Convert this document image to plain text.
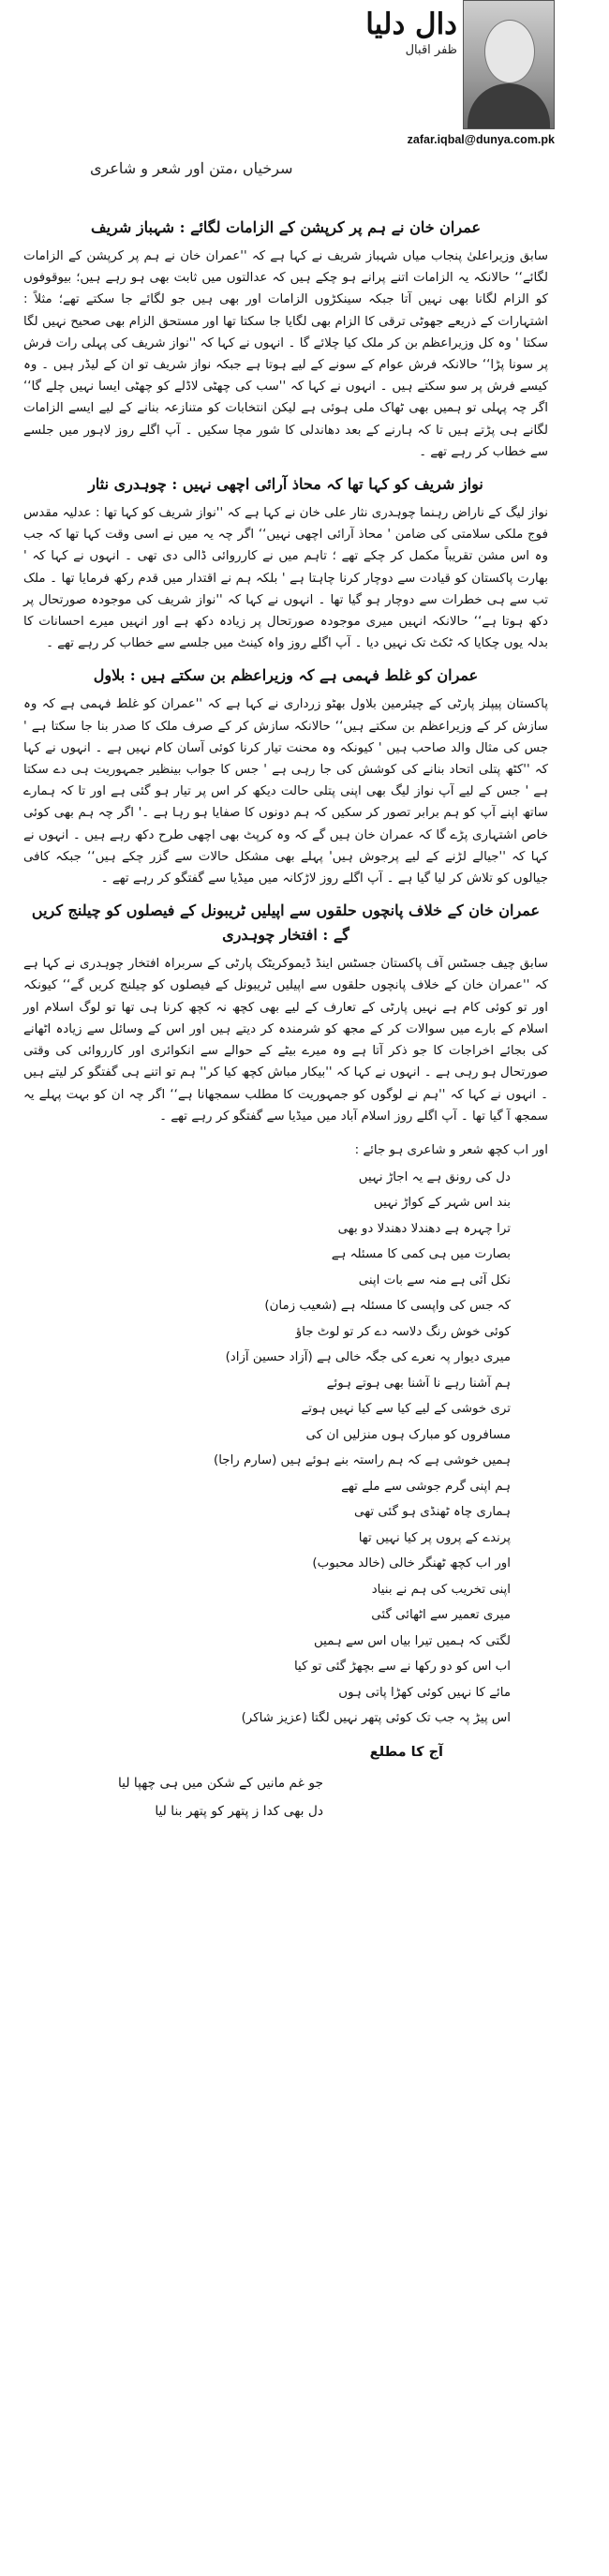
دال دلیا
ظفر اقبال
zafar.iqbal@dunya.com.pk
سرخیاں ،متن اور شعر و شاعری
عمران خان نے ہم پر کرپشن کے الزامات لگائے : شہباز شریف

سابق وزیراعلیٰ پنجاب میاں شہباز شریف نے کہا ہے کہ ''عمران خان نے ہم پر کرپشن کے الزامات لگائے‘‘ حالانکہ یہ الزامات اتنے پرانے ہو چکے ہیں کہ عدالتوں میں ثابت بھی ہو رہے ہیں؛ بیوقوفوں کو الزام لگانا بھی نہیں آتا جبکہ سینکڑوں الزامات اور بھی ہیں جو لگائے جا سکتے تھے؛ مثلاً : اشتہارات کے ذریعے جھوٹی ترقی کا الزام بھی لگایا جا سکتا تھا اور مستحق الزام بھی صحیح نہیں لگا سکتا ' وہ کل وزیراعظم بن کر ملک کیا چلائے گا ۔ انہوں نے کہا کہ ''نواز شریف کی پہلی رات فرش پر سونا پڑا‘‘ حالانکہ فرش عوام کے سونے کے لیے ہوتا ہے جبکہ نواز شریف تو ان کے لیڈر ہیں ۔ وہ کیسے فرش پر سو سکتے ہیں ۔ انہوں نے کہا کہ ''سب کی چھٹی لاڈلے کو چھٹی ایسا نہیں چلے گا‘‘ اگر چہ پہلی تو ہمیں بھی ٹھاک ملی ہوئی ہے لیکن انتخابات کو متنازعہ بنانے کے لیے ایسے الزامات لگانے ہی پڑتے ہیں تا کہ ہارنے کے بعد دھاندلی کا شور مچا سکیں ۔ آپ اگلے روز لاہور میں جلسے سے خطاب کر رہے تھے ۔

نواز شریف کو کہا تھا کہ محاذ آرائی اچھی نہیں : چوہدری نثار

نواز لیگ کے ناراض رہنما چوہدری نثار علی خان نے کہا ہے کہ ''نواز شریف کو کہا تھا : عدلیہ مقدس فوج ملکی سلامتی کی ضامن ' محاذ آرائی اچھی نہیں‘‘ اگر چہ یہ میں نے اسی وقت کہا تھا کہ جب وہ اس مشن تقریباً مکمل کر چکے تھے ؛ تاہم میں نے کارروائی ڈالی دی تھی ۔ انہوں نے کہا کہ ' بھارت پاکستان کو قیادت سے دوچار کرنا چاہتا ہے ' بلکہ ہم نے اقتدار میں قدم رکھ فرمایا تھا ۔ ملک تب سے ہی خطرات سے دوچار ہو گیا تھا ۔ انہوں نے کہا کہ ''نواز شریف کی موجودہ صورتحال پر دکھ ہوتا ہے‘‘ حالانکہ انہیں میری موجودہ صورتحال پر زیادہ دکھ ہے اور انہیں میرے احسانات کا بدلہ یوں چکایا کہ ٹکٹ تک نہیں دیا ۔ آپ اگلے روز واہ کینٹ میں جلسے سے خطاب کر رہے تھے ۔

عمران کو غلط فہمی ہے کہ وزیراعظم بن سکتے ہیں : بلاول

پاکستان پیپلز پارٹی کے چیئرمین بلاول بھٹو زرداری نے کہا ہے کہ ''عمران کو غلط فہمی ہے کہ وہ سازش کر کے وزیراعظم بن سکتے ہیں‘‘ حالانکہ سازش کر کے صرف ملک کا صدر بنا جا سکتا ہے ' جس کی مثال والد صاحب ہیں ' کیونکہ وہ محنت تیار کرنا کوئی آسان کام نہیں ہے ۔ انہوں نے کہا کہ ''کٹھ پتلی اتحاد بنانے کی کوشش کی جا رہی ہے ' جس کا جواب بینظیر جمہوریت ہی دے سکتا ہے ' جس کے لیے آپ نواز لیگ بھی اپنی پتلی حالت دیکھ کر اس پر تیار ہو گئی ہے اور تا کہ ہمارے ساتھ اپنے آپ کو ہم برابر تصور کر سکیں کہ ہم دونوں کا صفایا ہو رہا ہے ۔' اگر چہ ہم بھی کوئی خاص اشتہاری پڑے گا کہ عمران خان ہیں گے کہ وہ کرپٹ بھی اچھی طرح دکھ رہے ہیں ۔ انہوں نے کہا کہ ''جیالے لڑنے کے لیے پرجوش ہیں' پہلے بھی مشکل حالات سے گزر چکے ہیں‘‘ جبکہ کافی جیالوں کو تلاش کر لیا گیا ہے ۔ آپ اگلے روز لاڑکانہ میں میڈیا سے گفتگو کر رہے تھے ۔

عمران خان کے خلاف پانچوں حلقوں سے اپیلیں ٹریبونل کے فیصلوں کو چیلنج کریں گے : افتخار چوہدری

سابق چیف جسٹس آف پاکستان جسٹس اینڈ ڈیموکریٹک پارٹی کے سربراہ افتخار چوہدری نے کہا ہے کہ ''عمران خان کے خلاف پانچوں حلقوں سے اپیلیں ٹریبونل کے فیصلوں کو چیلنج کریں گے‘‘ کیونکہ اور تو کوئی کام ہے نہیں پارٹی کے تعارف کے لیے بھی کچھ نہ کچھ کرنا ہی تھا تو لوگ اسلام اور اسلام کے بارے میں سوالات کر کے مجھ کو شرمندہ کر دیتے ہیں اور اس کے وسائل سے زیادہ اٹھانے کی بجائے اخراجات کا جو ذکر آتا ہے وہ میرے بیٹے کے حوالے سے انکوائری اور کارروائی کی وقتی صورتحال ہو رہی ہے ۔ انہوں نے کہا کہ ''بیکار مباش کچھ کیا کر'' ہم تو اتنے ہی گفتگو کر لیتے ہیں ۔ انہوں نے کہا کہ ''ہم نے لوگوں کو جمہوریت کا مطلب سمجھانا ہے‘‘ اگر چہ ان کو بہت پہلے یہ سمجھ آ گیا تھا ۔ آپ اگلے روز اسلام آباد میں میڈیا سے گفتگو کر رہے تھے ۔

اور اب کچھ شعر و شاعری ہو جائے :
دل کی رونق ہے یہ اجاڑ نہیں
بند اس شہر کے کواڑ نہیں
ترا چہرہ ہے دھندلا دھندلا دو بھی
بصارت میں ہی کمی کا مسئلہ ہے
نکل آئی ہے منہ سے بات اپنی
کہ جس کی واپسی کا مسئلہ ہے (شعیب زمان)
کوئی خوش رنگ دلاسہ دے کر تو لوٹ جاؤ
میری دیوار پہ نعرے کی جگہ خالی ہے (آزاد حسین آزاد)
ہم آشنا رہے نا آشنا بھی ہوتے ہوئے
تری خوشی کے لیے کیا سے کیا نہیں ہوتے
مسافروں کو مبارک ہوں منزلیں ان کی
ہمیں خوشی ہے کہ ہم راستہ بنے ہوئے ہیں (سارم راجا)
ہم اپنی گرم جوشی سے ملے تھے
ہماری چاہ ٹھنڈی ہو گئی تھی
پرندے کے پروں پر کیا نہیں تھا
اور اب کچھ ٹھنگر خالی (خالد محبوب)
اپنی تخریب کی ہم نے بنیاد
میری تعمیر سے اٹھائی گئی
لگتی کہ ہمیں تیرا بیاں اس سے ہمیں
اب اس کو دو رکھا نے سے بچھڑ گئی تو کیا
مائے کا نہیں کوئی کھڑا پاتی ہوں
اس پیڑ پہ جب تک کوئی پتھر نہیں لگتا (عزیز شاکر)
آج کا مطلع
جو غم مانیں کے شکن میں ہی چھپا لیا
دل بھی کدا ز پتھر کو پتھر بنا لیا
